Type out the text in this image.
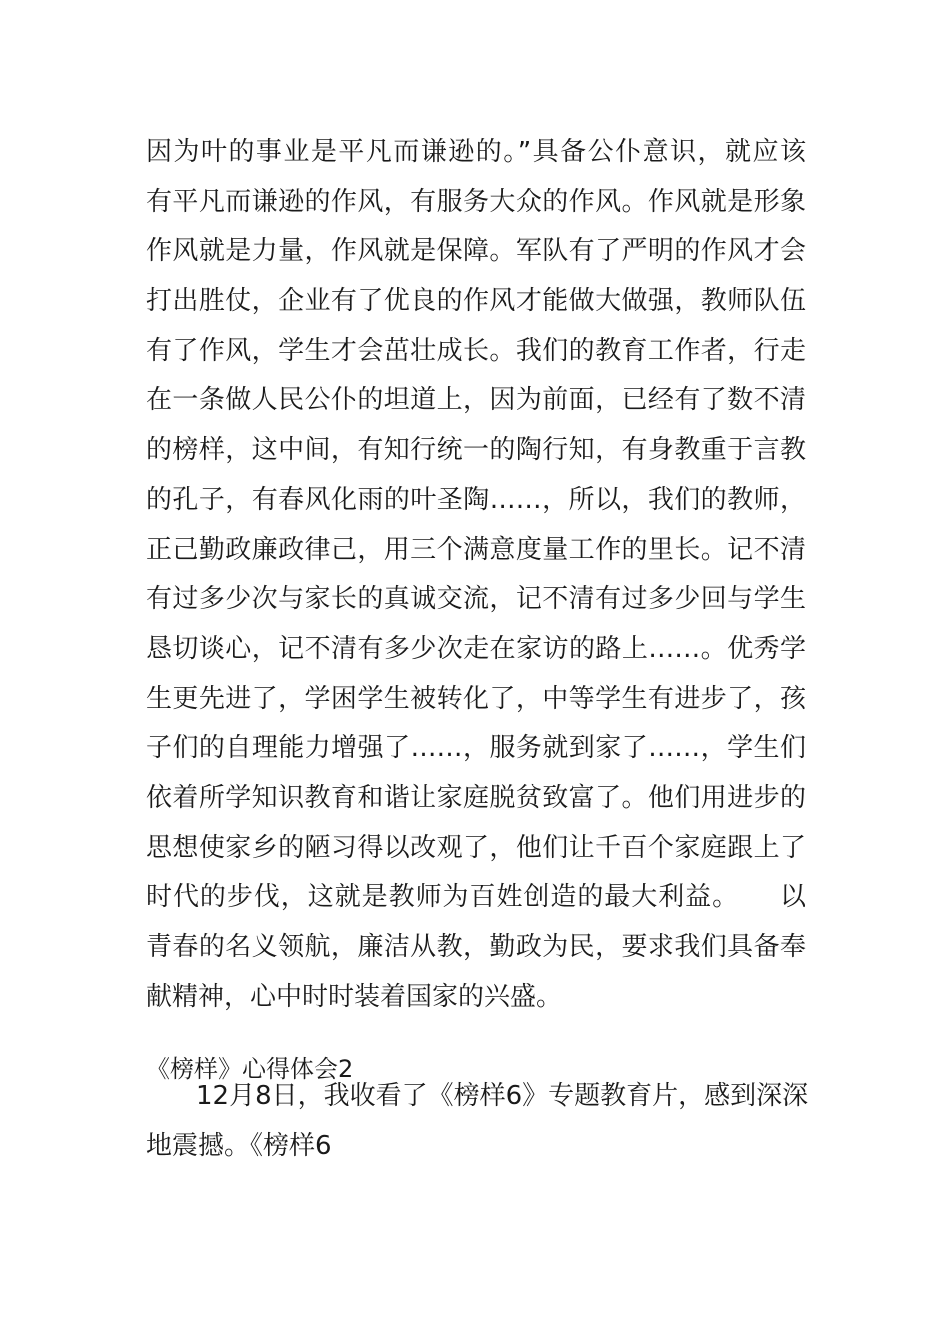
因为叶的事业是平凡而谦逊的。”具备公仆意识，就应该
有平凡而谦逊的作风，有服务大众的作风。作风就是形象
作风就是力量，作风就是保障。军队有了严明的作风才会
打出胜仗，企业有了优良的作风才能做大做强，教师队伍
有了作风，学生才会茁壮成长。我们的教育工作者，行走
在一条做人民公仆的坦道上，因为前面，已经有了数不清
的榜样，这中间，有知行统一的陶行知，有身教重于言教
的孔子，有春风化雨的叶圣陶……，所以，我们的教师，
正己勤政廉政律己，用三个满意度量工作的里长。记不清
有过多少次与家长的真诚交流，记不清有过多少回与学生
恳切谈心，记不清有多少次走在家访的路上……。优秀学
生更先进了，学困学生被转化了，中等学生有进步了，孩
子们的自理能力增强了……，服务就到家了……，学生们
依着所学知识教育和谐让家庭脱贫致富了。他们用进步的
思想使家乡的陋习得以改观了，他们让千百个家庭跟上了
时代的步伐，这就是教师为百姓创造的最大利益。　　以
青春的名义领航，廉洁从教，勤政为民，要求我们具备奉
献精神，心中时时装着国家的兴盛。
《榜样》心得体会2
12月8日，我收看了《榜样6》专题教育片，感到深深
地震撼。《榜样6
